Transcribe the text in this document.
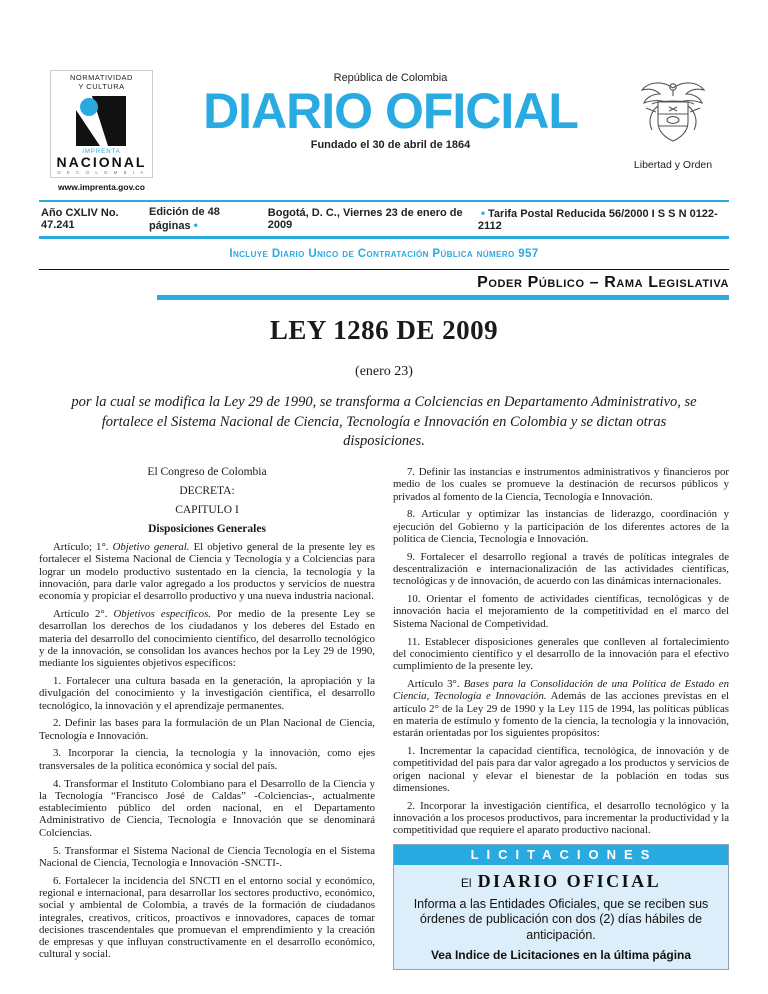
NORMATIVIDAD
Y CULTURA
IMPRENTA
NACIONAL
D E C O L O M B I A
www.imprenta.gov.co
República de Colombia
DIARIO OFICIAL
Fundado el 30 de abril de 1864
Libertad y Orden
Año CXLIV No. 47.241
Edición de 48 páginas •
Bogotá, D. C., Viernes 23 de enero de 2009
• Tarifa Postal Reducida 56/2000 I S S N 0122-2112
Incluye Diario Unico de Contratación Pública número 957
Poder Público – Rama Legislativa
LEY 1286 DE 2009
(enero 23)
por la cual se modifica la Ley 29 de 1990, se transforma a Colciencias en Departamento Administrativo, se fortalece el Sistema Nacional de Ciencia, Tecnología e Innovación en Colombia y se dictan otras disposiciones.
El Congreso de Colombia
DECRETA:
CAPITULO I
Disposiciones Generales
Artículo; 1°. Objetivo general. El objetivo general de la presente ley es fortalecer el Sistema Nacional de Ciencia y Tecnología y a Colciencias para lograr un modelo productivo sustentado en la ciencia, la tecnología y la innovación, para darle valor agregado a los productos y servicios de nuestra economía y propiciar el desarrollo productivo y una nueva industria nacional.
Artículo 2°. Objetivos específicos. Por medio de la presente Ley se desarrollan los derechos de los ciudadanos y los deberes del Estado en materia del desarrollo del conocimiento científico, del desarrollo tecnológico y de la innovación, se consolidan los avances hechos por la Ley 29 de 1990, mediante los siguientes objetivos específicos:
1. Fortalecer una cultura basada en la generación, la apropiación y la divulgación del conocimiento y la investigación científica, el desarrollo tecnológico, la innovación y el aprendizaje permanentes.
2. Definir las bases para la formulación de un Plan Nacional de Ciencia, Tecnología e Innovación.
3. Incorporar la ciencia, la tecnología y la innovación, como ejes transversales de la política económica y social del país.
4. Transformar el Instituto Colombiano para el Desarrollo de la Ciencia y la Tecnología “Francisco José de Caldas” -Colciencias-, actualmente establecimiento público del orden nacional, en el Departamento Administrativo de Ciencia, Tecnología e Innovación que se denominará Colciencias.
5. Transformar el Sistema Nacional de Ciencia Tecnología en el Sistema Nacional de Ciencia, Tecnología e Innovación -SNCTI-.
6. Fortalecer la incidencia del SNCTI en el entorno social y económico, regional e internacional, para desarrollar los sectores productivo, económico, social y ambiental de Colombia, a través de la formación de ciudadanos integrales, creativos, críticos, proactivos e innovadores, capaces de tomar decisiones trascendentales que promuevan el emprendimiento y la creación de empresas y que influyan constructivamente en el desarrollo económico, cultural y social.
7. Definir las instancias e instrumentos administrativos y financieros por medio de los cuales se promueve la destinación de recursos públicos y privados al fomento de la Ciencia, Tecnología e Innovación.
8. Articular y optimizar las instancias de liderazgo, coordinación y ejecución del Gobierno y la participación de los diferentes actores de la política de Ciencia, Tecnología e Innovación.
9. Fortalecer el desarrollo regional a través de políticas integrales de descentralización e internacionalización de las actividades científicas, tecnológicas y de innovación, de acuerdo con las dinámicas internacionales.
10. Orientar el fomento de actividades científicas, tecnológicas y de innovación hacia el mejoramiento de la competitividad en el marco del Sistema Nacional de Competividad.
11. Establecer disposiciones generales que conlleven al fortalecimiento del conocimiento científico y el desarrollo de la innovación para el efectivo cumplimiento de la presente ley.
Artículo 3°. Bases para la Consolidación de una Política de Estado en Ciencia, Tecnología e Innovación. Además de las acciones previstas en el artículo 2° de la Ley 29 de 1990 y la Ley 115 de 1994, las políticas públicas en materia de estímulo y fomento de la ciencia, la tecnología y la innovación, estarán orientadas por los siguientes propósitos:
1. Incrementar la capacidad científica, tecnológica, de innovación y de competitividad del país para dar valor agregado a los productos y servicios de origen nacional y elevar el bienestar de la población en todas sus dimensiones.
2. Incorporar la investigación científica, el desarrollo tecnológico y la innovación a los procesos productivos, para incrementar la productividad y la competitividad que requiere el aparato productivo nacional.
LICITACIONES
El DIARIO OFICIAL
Informa a las Entidades Oficiales, que se reciben sus órdenes de publicación con dos (2) días hábiles de anticipación.
Vea Indice de Licitaciones en la última página
